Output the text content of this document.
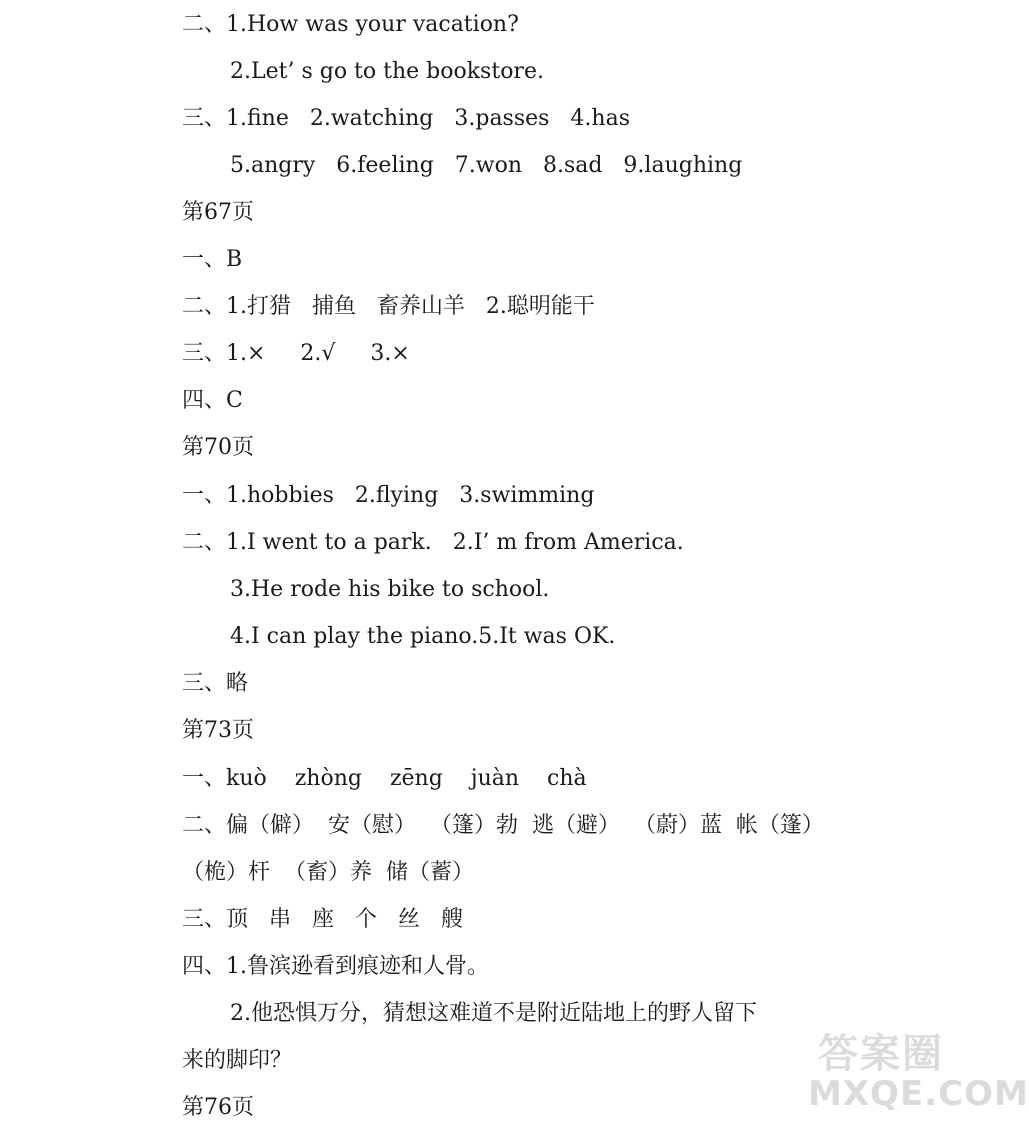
二、1.How was your vacation?
2.Let’ s go to the bookstore.
三、1.fine   2.watching   3.passes   4.has
5.angry   6.feeling   7.won   8.sad   9.laughing
第67页
一、B
二、1.打猎   捕鱼   畜养山羊   2.聪明能干
三、1.×     2.√     3.×
四、C
第70页
一、1.hobbies   2.flying   3.swimming
二、1.I went to a park.   2.I’ m from America.
3.He rode his bike to school.
4.I can play the piano.5.It was OK.
三、略
第73页
一、kuò    zhòng    zēng    juàn    chà
二、偏（僻）  安（慰）  （篷）勃  逃（避）  （蔚）蓝  帐（篷）
（桅）杆  （畜）养  储（蓄）
三、顶   串   座   个   丝   艘
四、1.鲁滨逊看到痕迹和人骨。
2.他恐惧万分，猜想这难道不是附近陆地上的野人留下
来的脚印？
第76页
答案圈
MXQE.COM
